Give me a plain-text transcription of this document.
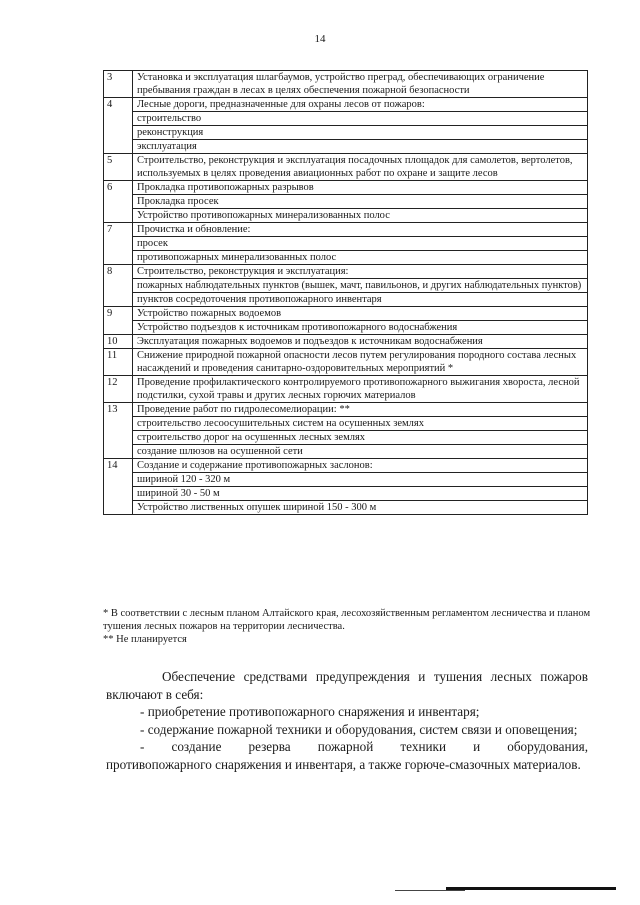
14
3	Установка и эксплуатация шлагбаумов, устройство преград, обеспечивающих ограничение пребывания граждан в лесах в целях обеспечения пожарной безопасности
4	Лесные дороги, предназначенные для охраны лесов от пожаров:
	строительство
	реконструкция
	эксплуатация
5	Строительство, реконструкция и эксплуатация посадочных площадок для самолетов, вертолетов, используемых в целях проведения авиационных работ по охране и защите лесов
6	Прокладка противопожарных разрывов
	Прокладка просек
	Устройство противопожарных минерализованных полос
7	Прочистка и обновление:
	просек
	противопожарных минерализованных полос
8	Строительство, реконструкция и эксплуатация:
	пожарных наблюдательных пунктов (вышек, мачт, павильонов, и других наблюдательных пунктов)
	пунктов сосредоточения противопожарного инвентаря
9	Устройство пожарных водоемов
	Устройство подъездов к источникам противопожарного водоснабжения
10	Эксплуатация пожарных водоемов и подъездов к источникам водоснабжения
11	Снижение природной пожарной опасности лесов путем регулирования породного состава лесных насаждений и проведения санитарно-оздоровительных мероприятий *
12	Проведение профилактического контролируемого противопожарного выжигания хвороста, лесной подстилки, сухой травы и других лесных горючих материалов
13	Проведение работ по гидролесомелиорации: **
	строительство лесоосушительных систем на осушенных землях
	строительство дорог на осушенных лесных землях
	создание шлюзов на осушенной сети
14	Создание и содержание противопожарных заслонов:
	шириной 120 - 320 м
	шириной 30 - 50 м
	Устройство лиственных опушек шириной 150 - 300 м

* В соответствии с лесным планом Алтайского края, лесохозяйственным регламентом лесничества и планом тушения лесных пожаров на территории лесничества.

** Не планируется

Обеспечение средствами предупреждения и тушения лесных пожаров включают в себя:

- приобретение противопожарного снаряжения и инвентаря;

- содержание пожарной техники и оборудования, систем связи и оповещения;

- создание резерва пожарной техники и оборудования,

противопожарного снаряжения и инвентаря, а также горюче-смазочных материалов.
